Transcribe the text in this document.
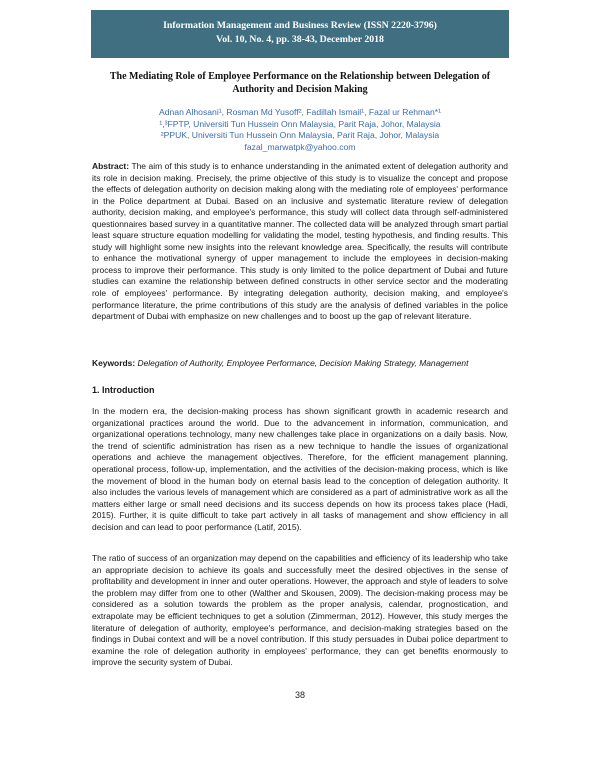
Information Management and Business Review (ISSN 2220-3796)
Vol. 10, No. 4, pp. 38-43, December 2018
The Mediating Role of Employee Performance on the Relationship between Delegation of
Authority and Decision Making
Adnan Alhosani¹, Rosman Md Yusoff², Fadillah Ismail¹, Fazal ur Rehman*¹
¹,³FPTP, Universiti Tun Hussein Onn Malaysia, Parit Raja, Johor, Malaysia
²PPUK, Universiti Tun Hussein Onn Malaysia, Parit Raja, Johor, Malaysia
fazal_marwatpk@yahoo.com
Abstract: The aim of this study is to enhance understanding in the animated extent of delegation authority and its role in decision making. Precisely, the prime objective of this study is to visualize the concept and propose the effects of delegation authority on decision making along with the mediating role of employees' performance in the Police department at Dubai. Based on an inclusive and systematic literature review of delegation authority, decision making, and employee's performance, this study will collect data through self-administered questionnaires based survey in a quantitative manner. The collected data will be analyzed through smart partial least square structure equation modelling for validating the model, testing hypothesis, and finding results. This study will highlight some new insights into the relevant knowledge area. Specifically, the results will contribute to enhance the motivational synergy of upper management to include the employees in decision-making process to improve their performance. This study is only limited to the police department of Dubai and future studies can examine the relationship between defined constructs in other service sector and the moderating role of employees' performance. By integrating delegation authority, decision making, and employee's performance literature, the prime contributions of this study are the analysis of defined variables in the police department of Dubai with emphasize on new challenges and to boost up the gap of relevant literature.
Keywords: Delegation of Authority, Employee Performance, Decision Making Strategy, Management
1. Introduction
In the modern era, the decision-making process has shown significant growth in academic research and organizational practices around the world. Due to the advancement in information, communication, and organizational operations technology, many new challenges take place in organizations on a daily basis. Now, the trend of scientific administration has risen as a new technique to handle the issues of organizational operations and achieve the management objectives. Therefore, for the efficient management planning, operational process, follow-up, implementation, and the activities of the decision-making process, which is like the movement of blood in the human body on eternal basis lead to the conception of delegation authority. It also includes the various levels of management which are considered as a part of administrative work as all the matters either large or small need decisions and its success depends on how its process takes place (Hadi, 2015). Further, it is quite difficult to take part actively in all tasks of management and show efficiency in all decision and can lead to poor performance (Latif, 2015).
The ratio of success of an organization may depend on the capabilities and efficiency of its leadership who take an appropriate decision to achieve its goals and successfully meet the desired objectives in the sense of profitability and development in inner and outer operations. However, the approach and style of leaders to solve the problem may differ from one to other (Walther and Skousen, 2009). The decision-making process may be considered as a solution towards the problem as the proper analysis, calendar, prognostication, and extrapolate may be efficient techniques to get a solution (Zimmerman, 2012). However, this study merges the literature of delegation of authority, employee's performance, and decision-making strategies based on the findings in Dubai context and will be a novel contribution. If this study persuades in Dubai police department to examine the role of delegation authority in employees' performance, they can get benefits enormously to improve the security system of Dubai.
38
